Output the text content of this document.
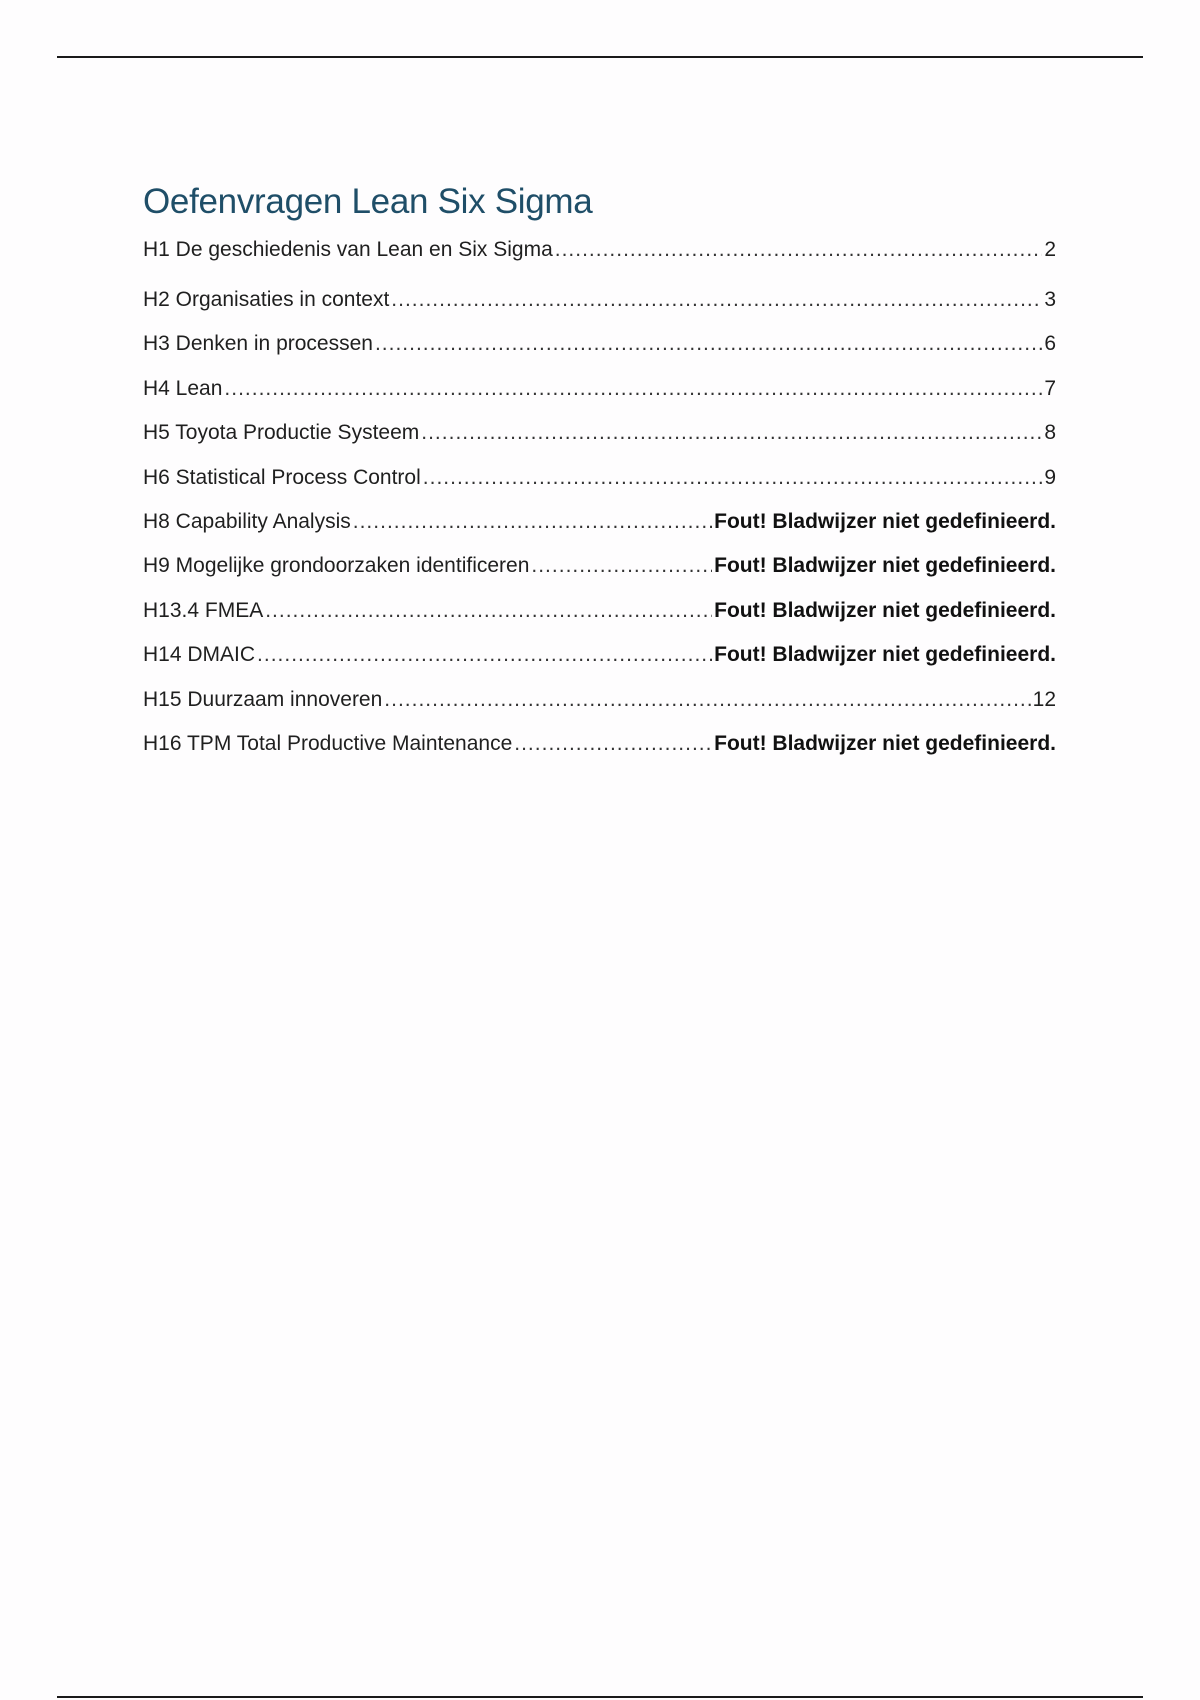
Oefenvragen Lean Six Sigma
H1 De geschiedenis van Lean en Six Sigma .....	2
H2 Organisaties in context .....	3
H3 Denken in processen .....	6
H4 Lean .....	7
H5 Toyota Productie Systeem .....	8
H6 Statistical Process Control .....	9
H8 Capability Analysis .....	Fout! Bladwijzer niet gedefinieerd.
H9 Mogelijke grondoorzaken identificeren .....	Fout! Bladwijzer niet gedefinieerd.
H13.4 FMEA .....	Fout! Bladwijzer niet gedefinieerd.
H14 DMAIC .....	Fout! Bladwijzer niet gedefinieerd.
H15 Duurzaam innoveren .....	12
H16 TPM Total Productive Maintenance .....	Fout! Bladwijzer niet gedefinieerd.
